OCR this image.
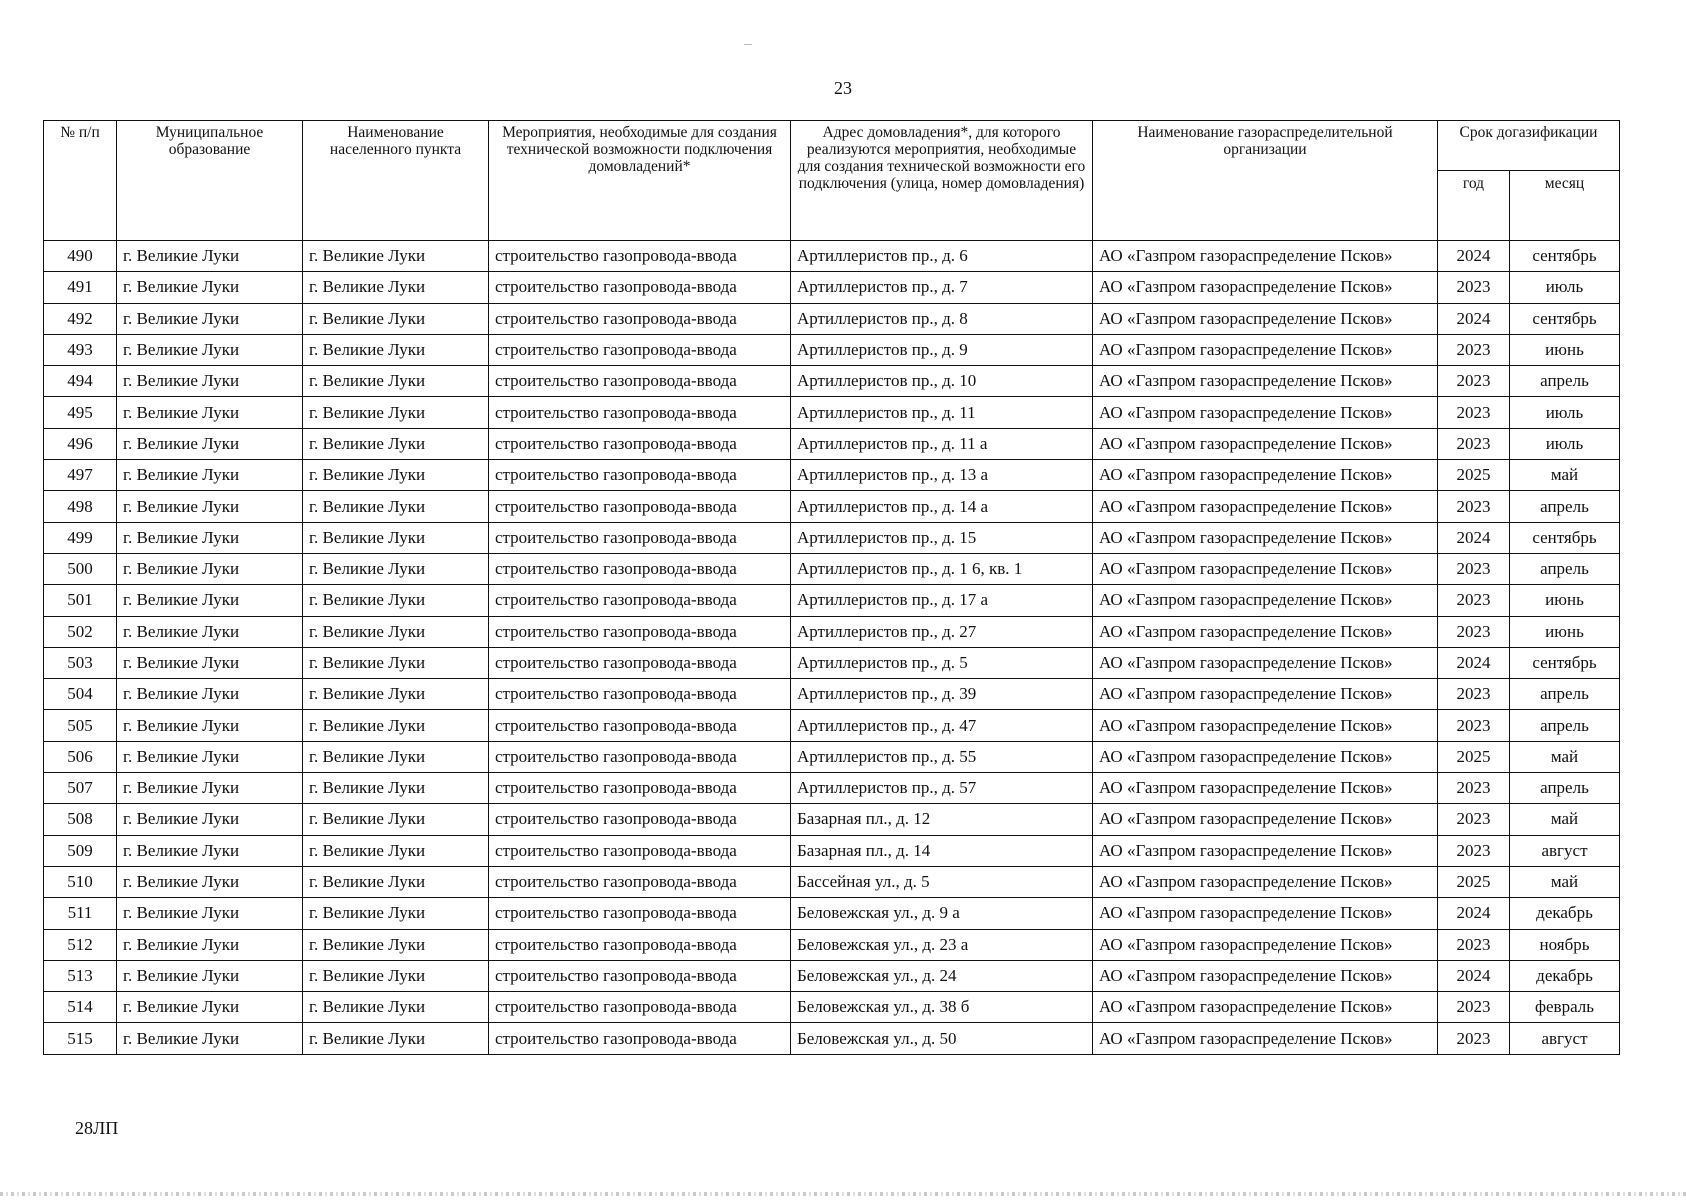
23
№ п/п	Муниципальное образование	Наименование населенного пункта	Мероприятия, необходимые для создания технической возможности подключения домовладений*	Адрес домовладения*, для которого реализуются мероприятия, необходимые для создания технической возможности его подключения (улица, номер домовладения)	Наименование газораспределительной организации	Срок догазификации	
						год	месяц
490	г. Великие Луки	г. Великие Луки	строительство газопровода-ввода	Артиллеристов пр., д. 6	АО «Газпром газораспределение Псков»	2024	сентябрь
491	г. Великие Луки	г. Великие Луки	строительство газопровода-ввода	Артиллеристов пр., д. 7	АО «Газпром газораспределение Псков»	2023	июль
492	г. Великие Луки	г. Великие Луки	строительство газопровода-ввода	Артиллеристов пр., д. 8	АО «Газпром газораспределение Псков»	2024	сентябрь
493	г. Великие Луки	г. Великие Луки	строительство газопровода-ввода	Артиллеристов пр., д. 9	АО «Газпром газораспределение Псков»	2023	июнь
494	г. Великие Луки	г. Великие Луки	строительство газопровода-ввода	Артиллеристов пр., д. 10	АО «Газпром газораспределение Псков»	2023	апрель
495	г. Великие Луки	г. Великие Луки	строительство газопровода-ввода	Артиллеристов пр., д. 11	АО «Газпром газораспределение Псков»	2023	июль
496	г. Великие Луки	г. Великие Луки	строительство газопровода-ввода	Артиллеристов пр., д. 11 а	АО «Газпром газораспределение Псков»	2023	июль
497	г. Великие Луки	г. Великие Луки	строительство газопровода-ввода	Артиллеристов пр., д. 13 а	АО «Газпром газораспределение Псков»	2025	май
498	г. Великие Луки	г. Великие Луки	строительство газопровода-ввода	Артиллеристов пр., д. 14 а	АО «Газпром газораспределение Псков»	2023	апрель
499	г. Великие Луки	г. Великие Луки	строительство газопровода-ввода	Артиллеристов пр., д. 15	АО «Газпром газораспределение Псков»	2024	сентябрь
500	г. Великие Луки	г. Великие Луки	строительство газопровода-ввода	Артиллеристов пр., д. 1 6, кв. 1	АО «Газпром газораспределение Псков»	2023	апрель
501	г. Великие Луки	г. Великие Луки	строительство газопровода-ввода	Артиллеристов пр., д. 17 а	АО «Газпром газораспределение Псков»	2023	июнь
502	г. Великие Луки	г. Великие Луки	строительство газопровода-ввода	Артиллеристов пр., д. 27	АО «Газпром газораспределение Псков»	2023	июнь
503	г. Великие Луки	г. Великие Луки	строительство газопровода-ввода	Артиллеристов пр., д. 5	АО «Газпром газораспределение Псков»	2024	сентябрь
504	г. Великие Луки	г. Великие Луки	строительство газопровода-ввода	Артиллеристов пр., д. 39	АО «Газпром газораспределение Псков»	2023	апрель
505	г. Великие Луки	г. Великие Луки	строительство газопровода-ввода	Артиллеристов пр., д. 47	АО «Газпром газораспределение Псков»	2023	апрель
506	г. Великие Луки	г. Великие Луки	строительство газопровода-ввода	Артиллеристов пр., д. 55	АО «Газпром газораспределение Псков»	2025	май
507	г. Великие Луки	г. Великие Луки	строительство газопровода-ввода	Артиллеристов пр., д. 57	АО «Газпром газораспределение Псков»	2023	апрель
508	г. Великие Луки	г. Великие Луки	строительство газопровода-ввода	Базарная пл., д. 12	АО «Газпром газораспределение Псков»	2023	май
509	г. Великие Луки	г. Великие Луки	строительство газопровода-ввода	Базарная пл., д. 14	АО «Газпром газораспределение Псков»	2023	август
510	г. Великие Луки	г. Великие Луки	строительство газопровода-ввода	Бассейная ул., д. 5	АО «Газпром газораспределение Псков»	2025	май
511	г. Великие Луки	г. Великие Луки	строительство газопровода-ввода	Беловежская ул., д. 9 а	АО «Газпром газораспределение Псков»	2024	декабрь
512	г. Великие Луки	г. Великие Луки	строительство газопровода-ввода	Беловежская ул., д. 23 а	АО «Газпром газораспределение Псков»	2023	ноябрь
513	г. Великие Луки	г. Великие Луки	строительство газопровода-ввода	Беловежская ул., д. 24	АО «Газпром газораспределение Псков»	2024	декабрь
514	г. Великие Луки	г. Великие Луки	строительство газопровода-ввода	Беловежская ул., д. 38 б	АО «Газпром газораспределение Псков»	2023	февраль
515	г. Великие Луки	г. Великие Луки	строительство газопровода-ввода	Беловежская ул., д. 50	АО «Газпром газораспределение Псков»	2023	август
28ЛП
